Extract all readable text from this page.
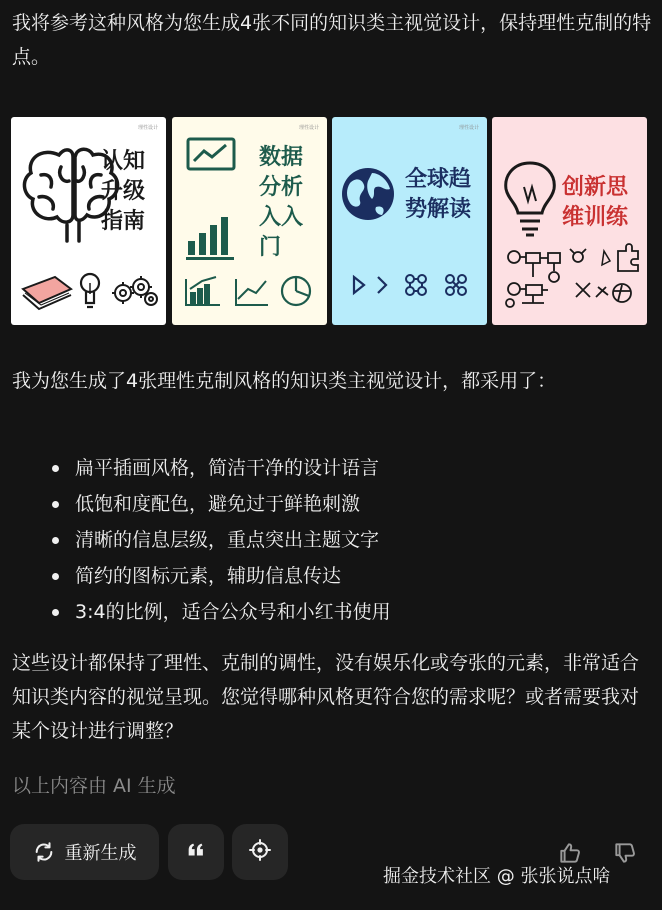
我将参考这种风格为您生成4张不同的知识类主视觉设计，保持理性克制的特点。
理性设计
认知
升级
指南
理性设计
数据
分析
入入
门
理性设计
全球趋
势解读
创新思
维训练
我为您生成了4张理性克制风格的知识类主视觉设计，都采用了：
扁平插画风格，简洁干净的设计语言
低饱和度配色，避免过于鲜艳刺激
清晰的信息层级，重点突出主题文字
简约的图标元素，辅助信息传达
3:4的比例，适合公众号和小红书使用
这些设计都保持了理性、克制的调性，没有娱乐化或夸张的元素，非常适合知识类内容的视觉呈现。您觉得哪种风格更符合您的需求呢？或者需要我对某个设计进行调整？
以上内容由 AI 生成
重新生成
掘金技术社区 @ 张张说点啥
